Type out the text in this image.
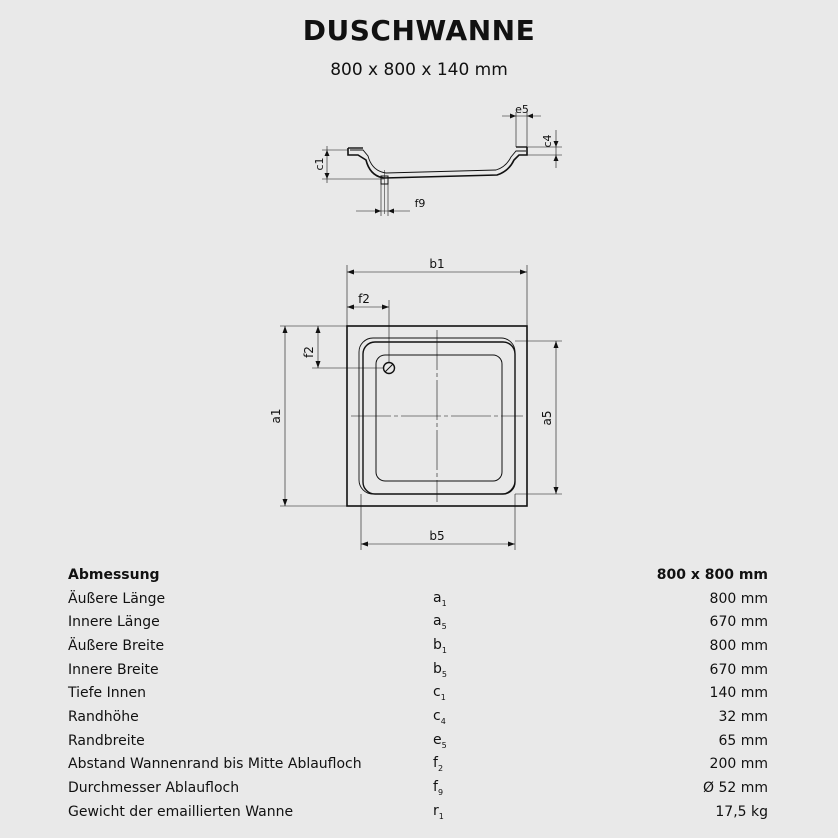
DUSCHWANNE
800 x 800 x 140 mm
e5
c4
c1
f9
b1
f2
f2
a1	a5
b5
Abmessung		800 x 800 mm
Äußere Länge	$a_1$	800 mm
Innere Länge	$a_5$	670 mm
Äußere Breite	$b_1$	800 mm
Innere Breite	$b_5$	670 mm
Tiefe Innen	$c_1$	140 mm
Randhöhe	$c_4$	32 mm
Randbreite	$e_5$	65 mm
Abstand Wannenrand bis Mitte Ablaufloch	$f_2$	200 mm
Durchmesser Ablaufloch	$f_9$	Ø 52 mm
Gewicht der emaillierten Wanne	$r_1$	17,5 kg
